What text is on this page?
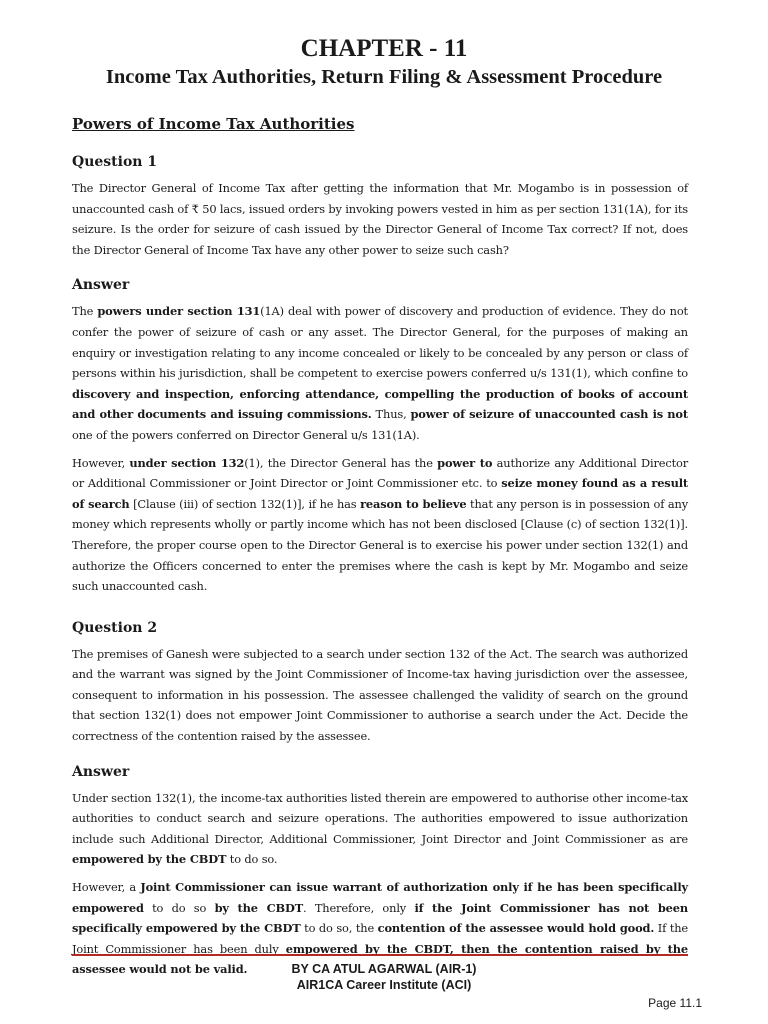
CHAPTER - 11
Income Tax Authorities, Return Filing & Assessment Procedure
Powers of Income Tax Authorities
Question 1

The Director General of Income Tax after getting the information that Mr. Mogambo is in possession of unaccounted cash of ₹ 50 lacs, issued orders by invoking powers vested in him as per section 131(1A), for its seizure. Is the order for seizure of cash issued by the Director General of Income Tax correct? If not, does the Director General of Income Tax have any other power to seize such cash?

Answer

The powers under section 131(1A) deal with power of discovery and production of evidence. They do not confer the power of seizure of cash or any asset. The Director General, for the purposes of making an enquiry or investigation relating to any income concealed or likely to be concealed by any person or class of persons within his jurisdiction, shall be competent to exercise powers conferred u/s 131(1), which confine to discovery and inspection, enforcing attendance, compelling the production of books of account and other documents and issuing commissions. Thus, power of seizure of unaccounted cash is not one of the powers conferred on Director General u/s 131(1A).

However, under section 132(1), the Director General has the power to authorize any Additional Director or Additional Commissioner or Joint Director or Joint Commissioner etc. to seize money found as a result of search [Clause (iii) of section 132(1)], if he has reason to believe that any person is in possession of any money which represents wholly or partly income which has not been disclosed [Clause (c) of section 132(1)]. Therefore, the proper course open to the Director General is to exercise his power under section 132(1) and authorize the Officers concerned to enter the premises where the cash is kept by Mr. Mogambo and seize such unaccounted cash.

Question 2

The premises of Ganesh were subjected to a search under section 132 of the Act. The search was authorized and the warrant was signed by the Joint Commissioner of Income-tax having jurisdiction over the assessee, consequent to information in his possession. The assessee challenged the validity of search on the ground that section 132(1) does not empower Joint Commissioner to authorise a search under the Act. Decide the correctness of the contention raised by the assessee.

Answer

Under section 132(1), the income-tax authorities listed therein are empowered to authorise other income-tax authorities to conduct search and seizure operations. The authorities empowered to issue authorization include such Additional Director, Additional Commissioner, Joint Director and Joint Commissioner as are empowered by the CBDT to do so.

However, a Joint Commissioner can issue warrant of authorization only if he has been specifically empowered to do so by the CBDT. Therefore, only if the Joint Commissioner has not been specifically empowered by the CBDT to do so, the contention of the assessee would hold good. If the Joint Commissioner has been duly empowered by the CBDT, then the contention raised by the assessee would not be valid.	BY CA ATUL AGARWAL (AIR-1)
AIR1CA Career Institute (ACI)
Page 11.1
